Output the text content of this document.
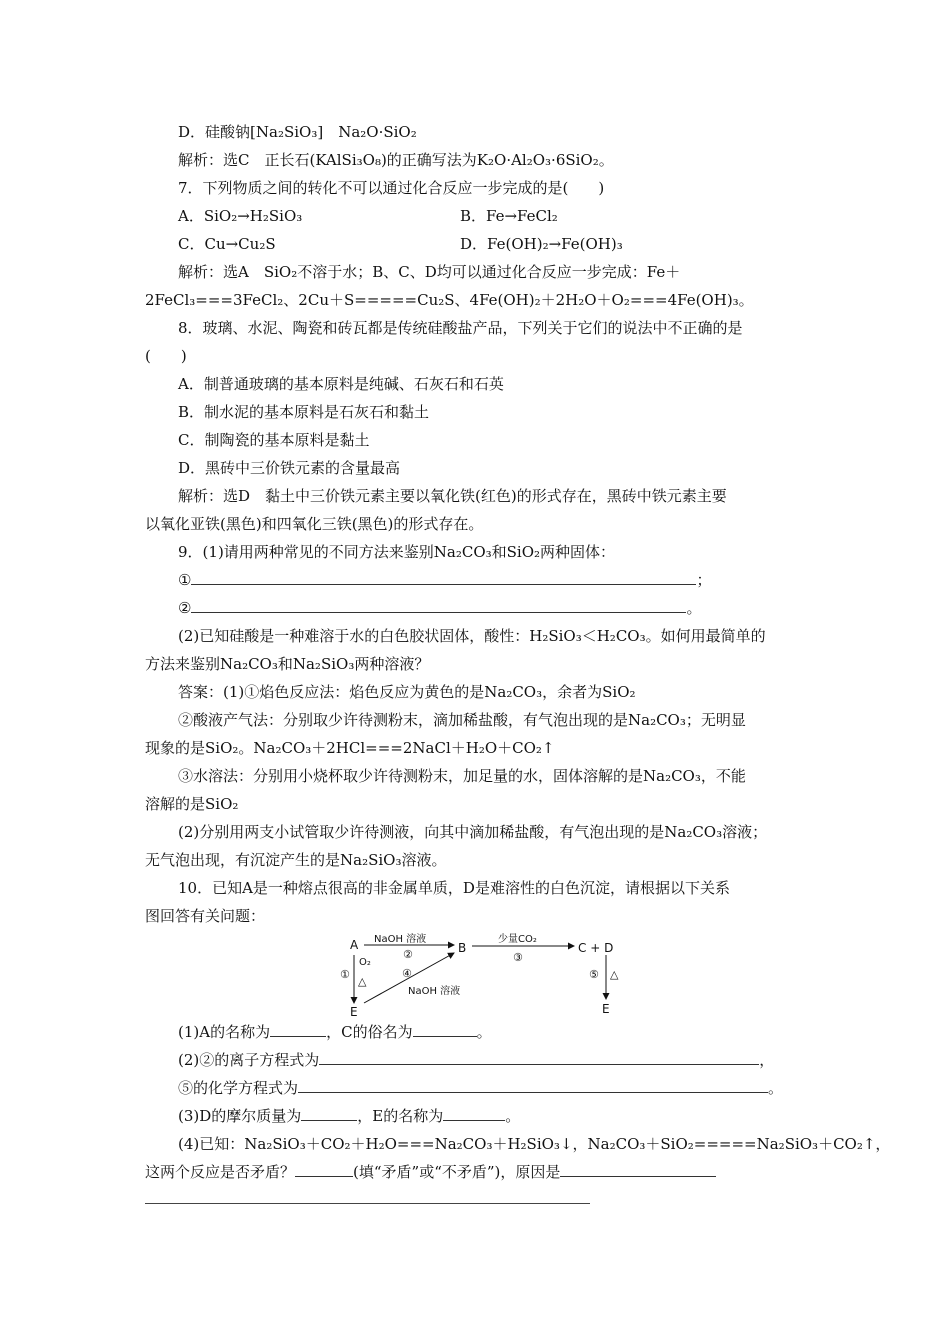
D．硅酸钠[Na₂SiO₃]　Na₂O·SiO₂
解析：选C　正长石(KAlSi₃O₈)的正确写法为K₂O·Al₂O₃·6SiO₂。
7．下列物质之间的转化不可以通过化合反应一步完成的是(　　)
A．SiO₂→H₂SiO₃	B．Fe→FeCl₂
C．Cu→Cu₂S	D．Fe(OH)₂→Fe(OH)₃
解析：选A　SiO₂不溶于水；B、C、D均可以通过化合反应一步完成：Fe＋
2FeCl₃===3FeCl₂、2Cu＋S=====Cu₂S、4Fe(OH)₂＋2H₂O＋O₂===4Fe(OH)₃。
8．玻璃、水泥、陶瓷和砖瓦都是传统硅酸盐产品，下列关于它们的说法中不正确的是
(　　)
A．制普通玻璃的基本原料是纯碱、石灰石和石英
B．制水泥的基本原料是石灰石和黏土
C．制陶瓷的基本原料是黏土
D．黑砖中三价铁元素的含量最高
解析：选D　黏土中三价铁元素主要以氧化铁(红色)的形式存在，黑砖中铁元素主要
以氧化亚铁(黑色)和四氧化三铁(黑色)的形式存在。
9．(1)请用两种常见的不同方法来鉴别Na₂CO₃和SiO₂两种固体：
①	；
②	。
(2)已知硅酸是一种难溶于水的白色胶状固体，酸性：H₂SiO₃＜H₂CO₃。如何用最简单的
方法来鉴别Na₂CO₃和Na₂SiO₃两种溶液？
答案：(1)①焰色反应法：焰色反应为黄色的是Na₂CO₃，余者为SiO₂
②酸液产气法：分别取少许待测粉末，滴加稀盐酸，有气泡出现的是Na₂CO₃；无明显
现象的是SiO₂。Na₂CO₃＋2HCl===2NaCl＋H₂O＋CO₂↑
③水溶法：分别用小烧杯取少许待测粉末，加足量的水，固体溶解的是Na₂CO₃，不能
溶解的是SiO₂
(2)分别用两支小试管取少许待测液，向其中滴加稀盐酸，有气泡出现的是Na₂CO₃溶液；
无气泡出现，有沉淀产生的是Na₂SiO₃溶液。
10．已知A是一种熔点很高的非金属单质，D是难溶性的白色沉淀，请根据以下关系
图回答有关问题：
A	B	C + D
E	E
NaOH 溶液
②
少量CO₂
③
O₂
①
△
④
NaOH 溶液
⑤ △
(1)A的名称为	，C的俗名为	。
(2)②的离子方程式为	，
⑤的化学方程式为	。
(3)D的摩尔质量为	，E的名称为	。
(4)已知：Na₂SiO₃＋CO₂＋H₂O===Na₂CO₃＋H₂SiO₃↓，Na₂CO₃＋SiO₂=====Na₂SiO₃＋CO₂↑，
这两个反应是否矛盾？	(填“矛盾”或“不矛盾”)，原因是
